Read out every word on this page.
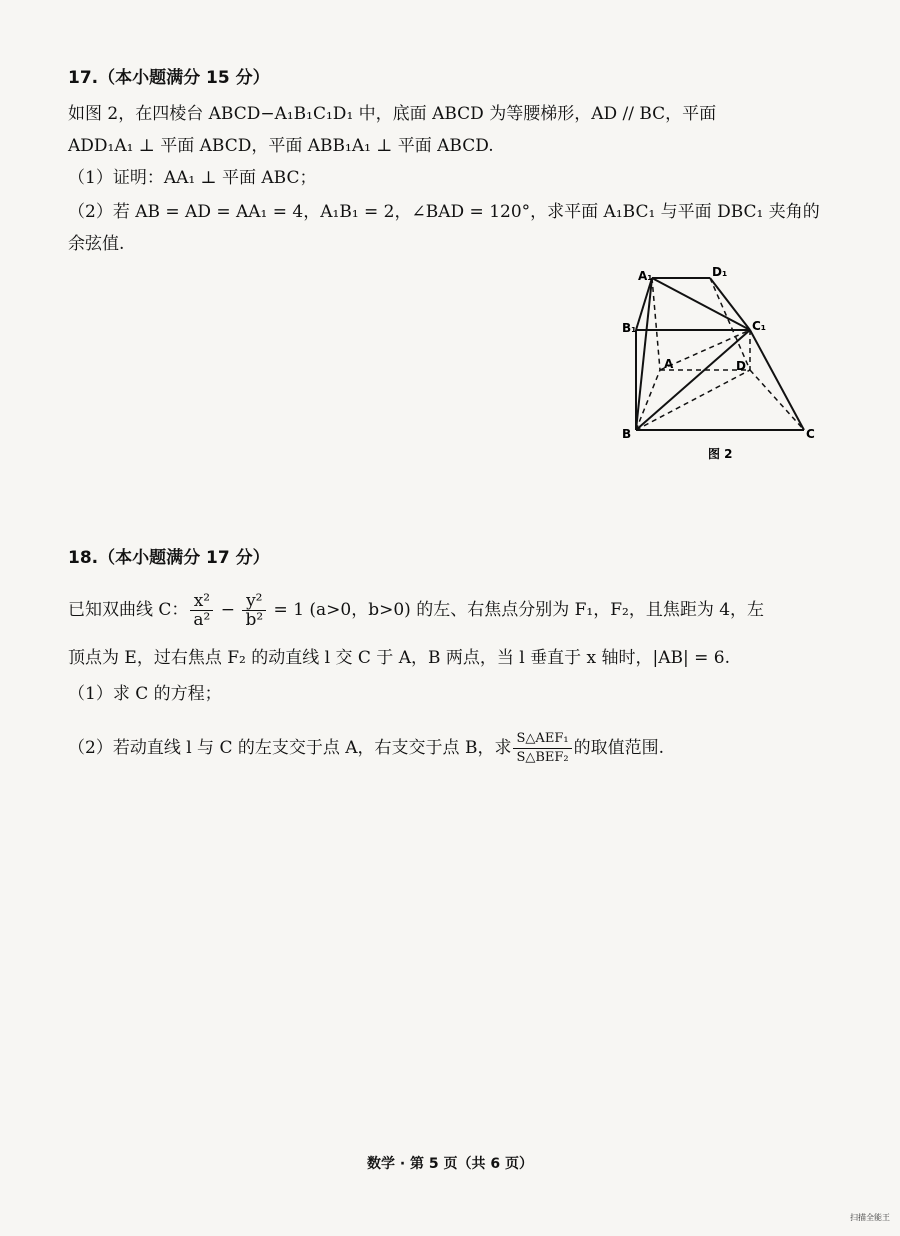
17.（本小题满分 15 分）
如图 2，在四棱台 ABCD−A₁B₁C₁D₁ 中，底面 ABCD 为等腰梯形，AD // BC，平面
ADD₁A₁ ⊥ 平面 ABCD，平面 ABB₁A₁ ⊥ 平面 ABCD.
（1）证明：AA₁ ⊥ 平面 ABC；
（2）若 AB = AD = AA₁ = 4，A₁B₁ = 2，∠BAD = 120°，求平面 A₁BC₁ 与平面 DBC₁ 夹角的
余弦值.
A₁	D₁
B₁	C₁
A	D
B	C
图 2
18.（本小题满分 17 分）
已知双曲线 C： $\frac{\text{x²}}{\text{a²}} - \frac{\text{y²}}{\text{b²}} = 1$ (a>0，b>0) 的左、右焦点分别为 F₁，F₂，且焦距为 4，左
顶点为 E，过右焦点 F₂ 的动直线 l 交 C 于 A，B 两点，当 l 垂直于 x 轴时，|AB| = 6.
（1）求 C 的方程；
（2）若动直线 l 与 C 的左支交于点 A，右支交于点 B，求 $\frac{\text{S△AEF₁}}{\text{S△BEF₂}}$ 的取值范围.
数学 · 第 5 页（共 6 页）
扫描全能王
